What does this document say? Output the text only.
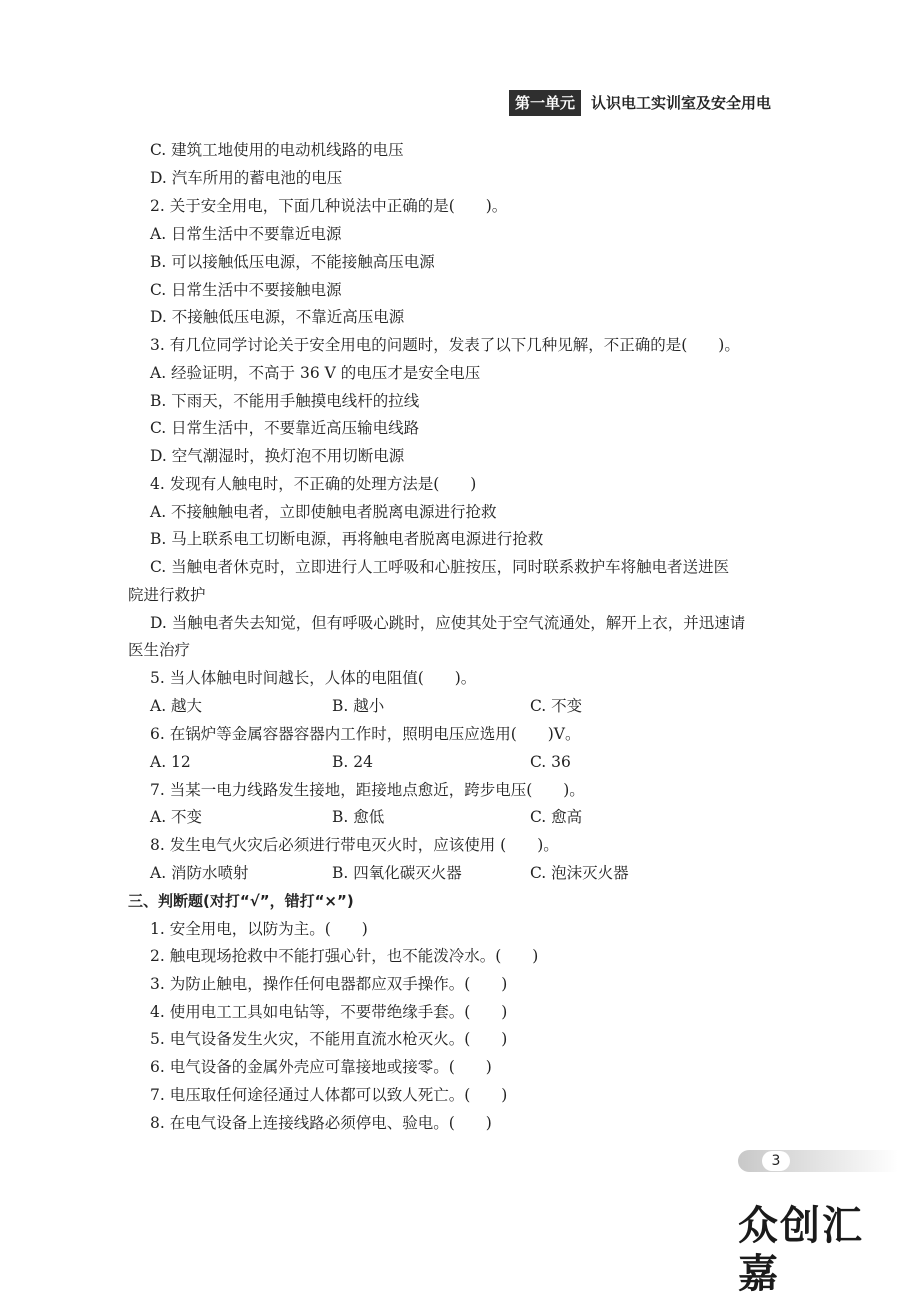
第一单元	认识电工实训室及安全用电
C. 建筑工地使用的电动机线路的电压
D. 汽车所用的蓄电池的电压
2. 关于安全用电，下面几种说法中正确的是(　　)。
A. 日常生活中不要靠近电源
B. 可以接触低压电源，不能接触高压电源
C. 日常生活中不要接触电源
D. 不接触低压电源，不靠近高压电源
3. 有几位同学讨论关于安全用电的问题时，发表了以下几种见解，不正确的是(　　)。
A. 经验证明，不高于 36 V 的电压才是安全电压
B. 下雨天，不能用手触摸电线杆的拉线
C. 日常生活中，不要靠近高压输电线路
D. 空气潮湿时，换灯泡不用切断电源
4. 发现有人触电时，不正确的处理方法是(　　)
A. 不接触触电者，立即使触电者脱离电源进行抢救
B. 马上联系电工切断电源，再将触电者脱离电源进行抢救
C. 当触电者休克时，立即进行人工呼吸和心脏按压，同时联系救护车将触电者送进医
院进行救护
D. 当触电者失去知觉，但有呼吸心跳时，应使其处于空气流通处，解开上衣，并迅速请
医生治疗
5. 当人体触电时间越长，人体的电阻值(　　)。
A. 越大	B. 越小	C. 不变
6. 在锅炉等金属容器容器内工作时，照明电压应选用(　　)V。
A. 12	B. 24	C. 36
7. 当某一电力线路发生接地，距接地点愈近，跨步电压(　　)。
A. 不变	B. 愈低	C. 愈高
8. 发生电气火灾后必须进行带电灭火时，应该使用 (　　)。
A. 消防水喷射	B. 四氧化碳灭火器	C. 泡沫灭火器
三、判断题(对打“√”，错打“×”)
1. 安全用电，以防为主。(　　)
2. 触电现场抢救中不能打强心针，也不能泼冷水。(　　)
3. 为防止触电，操作任何电器都应双手操作。(　　)
4. 使用电工工具如电钻等，不要带绝缘手套。(　　)
5. 电气设备发生火灾，不能用直流水枪灭火。(　　)
6. 电气设备的金属外壳应可靠接地或接零。(　　)
7. 电压取任何途径通过人体都可以致人死亡。(　　)
8. 在电气设备上连接线路必须停电、验电。(　　)
3
众创汇嘉
